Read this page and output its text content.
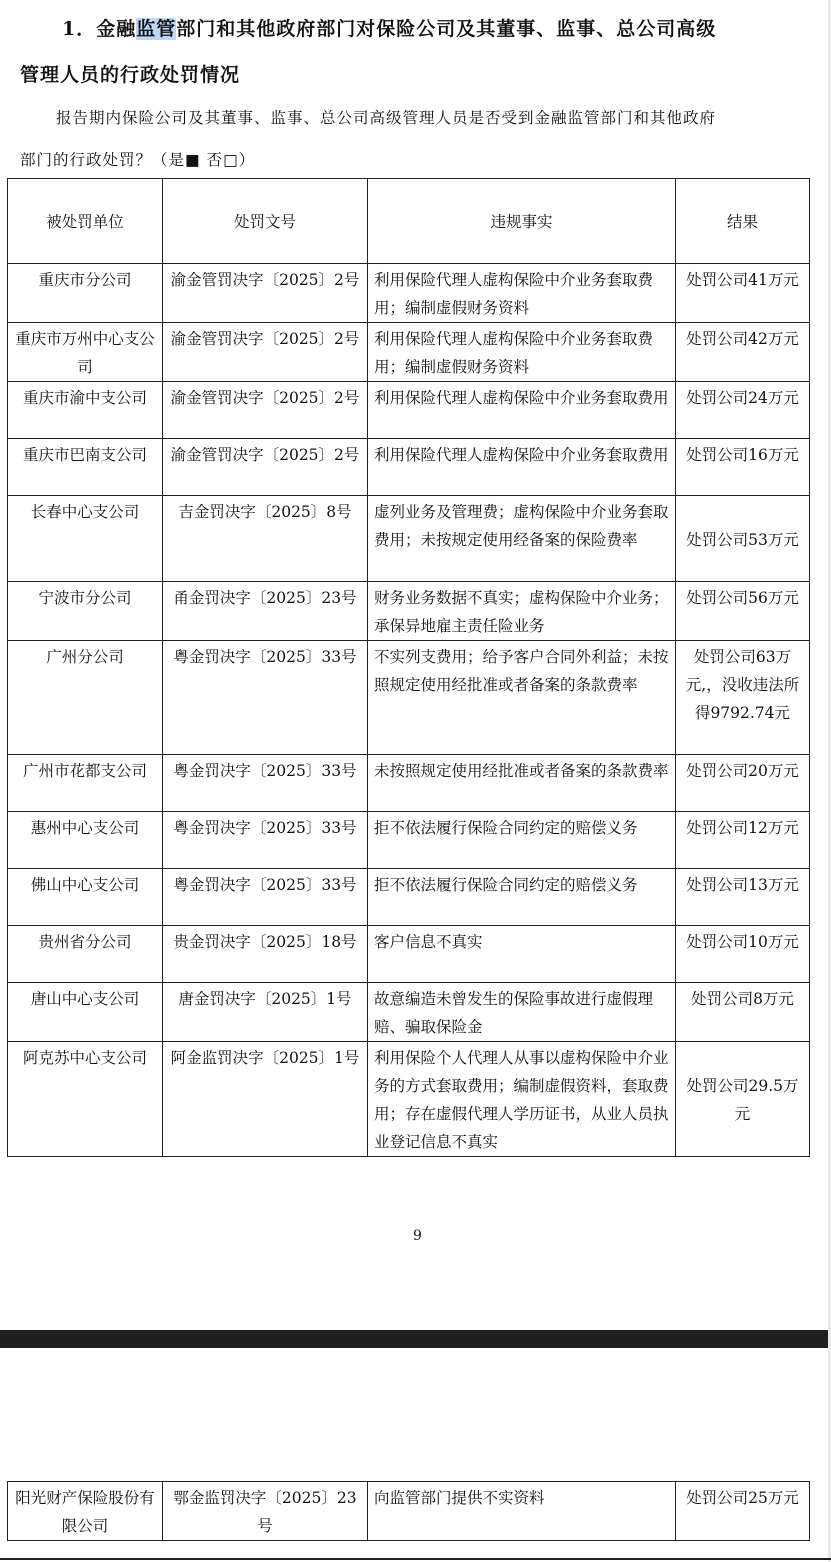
1．金融监管部门和其他政府部门对保险公司及其董事、监事、总公司高级
管理人员的行政处罚情况
报告期内保险公司及其董事、监事、总公司高级管理人员是否受到金融监管部门和其他政府
部门的行政处罚？（是■ 否□）
被处罚单位	处罚文号	违规事实	结果
重庆市分公司	渝金管罚决字〔2025〕2号	利用保险代理人虚构保险中介业务套取费用；编制虚假财务资料	处罚公司41万元
重庆市万州中心支公司	渝金管罚决字〔2025〕2号	利用保险代理人虚构保险中介业务套取费用；编制虚假财务资料	处罚公司42万元
重庆市渝中支公司	渝金管罚决字〔2025〕2号	利用保险代理人虚构保险中介业务套取费用	处罚公司24万元
重庆市巴南支公司	渝金管罚决字〔2025〕2号	利用保险代理人虚构保险中介业务套取费用	处罚公司16万元
长春中心支公司	吉金罚决字〔2025〕8号	虚列业务及管理费；虚构保险中介业务套取费用；未按规定使用经备案的保险费率	处罚公司53万元
宁波市分公司	甬金罚决字〔2025〕23号	财务业务数据不真实；虚构保险中介业务；承保异地雇主责任险业务	处罚公司56万元
广州分公司	粤金罚决字〔2025〕33号	不实列支费用；给予客户合同外利益；未按照规定使用经批准或者备案的条款费率	处罚公司63万元,，没收违法所得9792.74元
广州市花都支公司	粤金罚决字〔2025〕33号	未按照规定使用经批准或者备案的条款费率	处罚公司20万元
惠州中心支公司	粤金罚决字〔2025〕33号	拒不依法履行保险合同约定的赔偿义务	处罚公司12万元
佛山中心支公司	粤金罚决字〔2025〕33号	拒不依法履行保险合同约定的赔偿义务	处罚公司13万元
贵州省分公司	贵金罚决字〔2025〕18号	客户信息不真实	处罚公司10万元
唐山中心支公司	唐金罚决字〔2025〕1号	故意编造未曾发生的保险事故进行虚假理赔、骗取保险金	处罚公司8万元
阿克苏中心支公司	阿金监罚决字〔2025〕1号	利用保险个人代理人从事以虚构保险中介业务的方式套取费用；编制虚假资料，套取费用；存在虚假代理人学历证书，从业人员执业登记信息不真实	处罚公司29.5万元
9
阳光财产保险股份有限公司	鄂金监罚决字〔2025〕23号	向监管部门提供不实资料	处罚公司25万元
